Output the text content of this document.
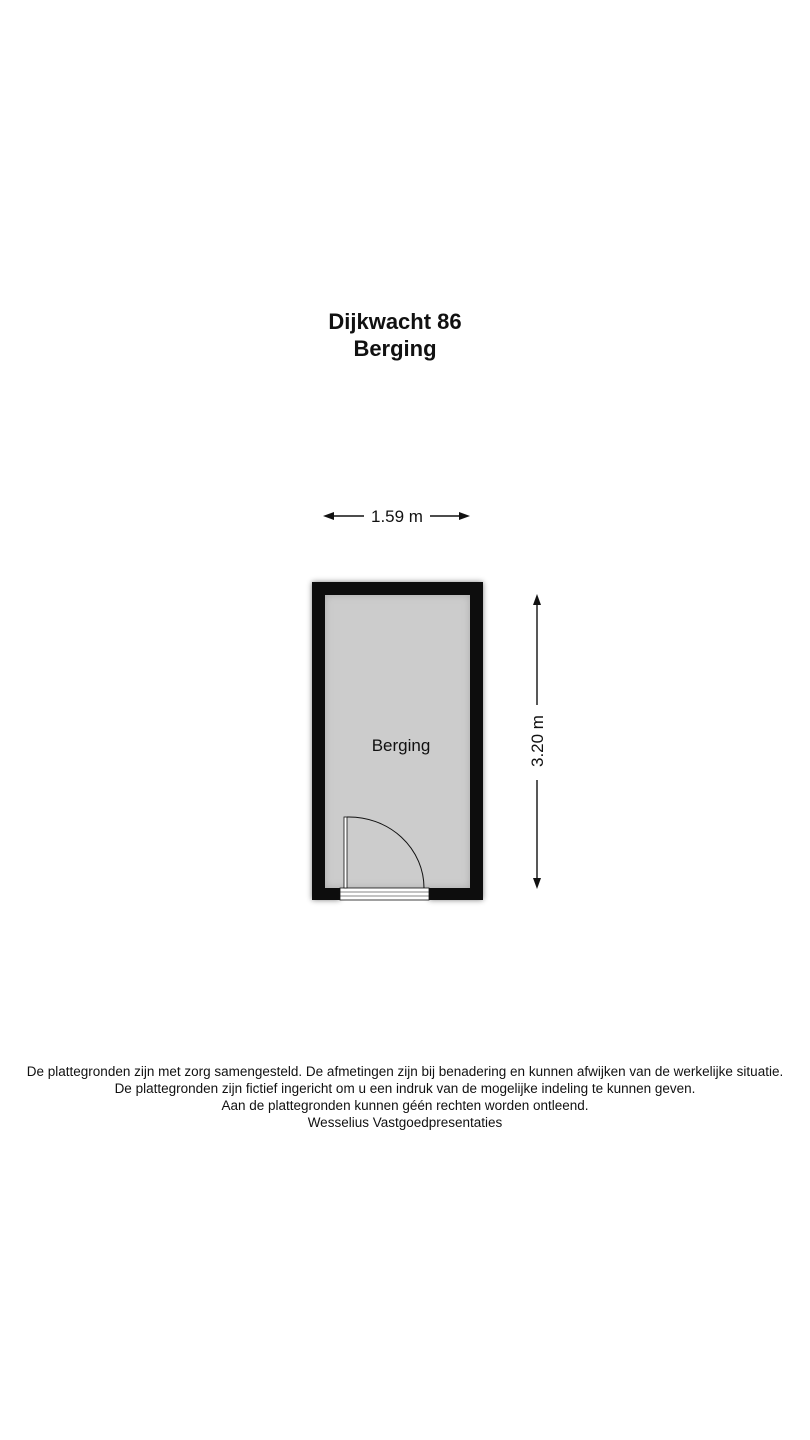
Dijkwacht 86
Berging
1.59 m
3.20 m
Berging
De plattegronden zijn met zorg samengesteld. De afmetingen zijn bij benadering en kunnen afwijken van de werkelijke situatie.
De plattegronden zijn fictief ingericht om u een indruk van de mogelijke indeling te kunnen geven.
Aan de plattegronden kunnen géén rechten worden ontleend.
Wesselius Vastgoedpresentaties
